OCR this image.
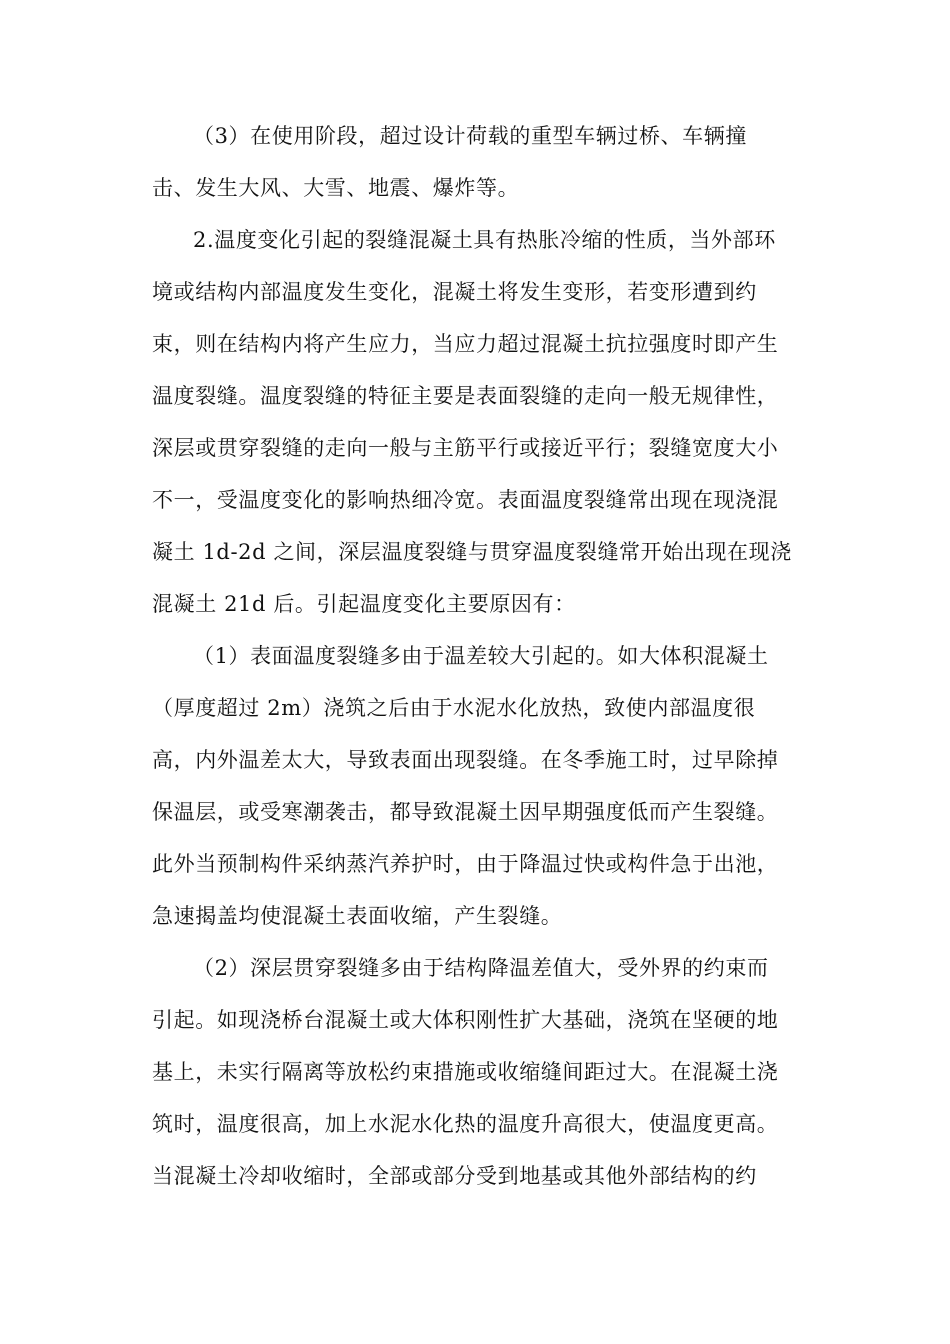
（3）在使用阶段，超过设计荷载的重型车辆过桥、车辆撞
击、发生大风、大雪、地震、爆炸等。
2.温度变化引起的裂缝混凝土具有热胀冷缩的性质，当外部环
境或结构内部温度发生变化，混凝土将发生变形，若变形遭到约
束，则在结构内将产生应力，当应力超过混凝土抗拉强度时即产生
温度裂缝。温度裂缝的特征主要是表面裂缝的走向一般无规律性，
深层或贯穿裂缝的走向一般与主筋平行或接近平行；裂缝宽度大小
不一，受温度变化的影响热细冷宽。表面温度裂缝常出现在现浇混
凝土 1d-2d 之间，深层温度裂缝与贯穿温度裂缝常开始出现在现浇
混凝土 21d 后。引起温度变化主要原因有：
（1）表面温度裂缝多由于温差较大引起的。如大体积混凝土
（厚度超过 2m）浇筑之后由于水泥水化放热，致使内部温度很
高，内外温差太大，导致表面出现裂缝。在冬季施工时，过早除掉
保温层，或受寒潮袭击，都导致混凝土因早期强度低而产生裂缝。
此外当预制构件采纳蒸汽养护时，由于降温过快或构件急于出池，
急速揭盖均使混凝土表面收缩，产生裂缝。
（2）深层贯穿裂缝多由于结构降温差值大，受外界的约束而
引起。如现浇桥台混凝土或大体积刚性扩大基础，浇筑在坚硬的地
基上，未实行隔离等放松约束措施或收缩缝间距过大。在混凝土浇
筑时，温度很高，加上水泥水化热的温度升高很大，使温度更高。
当混凝土冷却收缩时，全部或部分受到地基或其他外部结构的约
